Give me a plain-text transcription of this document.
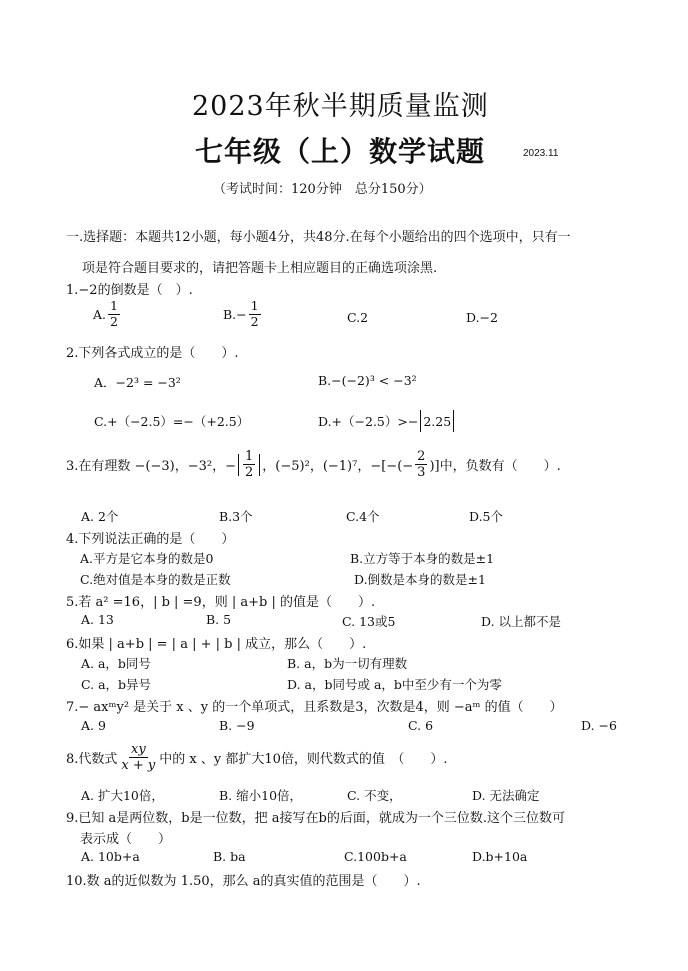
2023年秋半期质量监测
七年级（上）数学试题	2023.11
（考试时间：120分钟　总分150分）
一.选择题：本题共12小题，每小题4分，共48分.在每个小题给出的四个选项中，只有一
项是符合题目要求的，请把答题卡上相应题目的正确选项涂黑.
1.−2的倒数是（　）.
A. $\frac{1}{2}$	$B.- \frac{1}{2}$	C.2	D.−2
2.下列各式成立的是（　　）.
A．−2³ = −3²	B.−(−2)³ < −3²
C.+（−2.5）=−（+2.5）	D.+（−2.5）>− 2.25
3.在有理数 −(−3)，−3²，− $\frac{1}{2}$ ，(−5)²，(−1)⁷，−[−(− $\frac{2}{3}$ )]中，负数有（　　）.
A. 2个	B.3个	C.4个	D.5个
4.下列说法正确的是（　　）
A.平方是它本身的数是0	B.立方等于本身的数是±1
C.绝对值是本身的数是正数	D.倒数是本身的数是±1
5.若 a² =16，| b | =9，则 | a+b | 的值是（　　）.
A. 13	B. 5	C. 13或5	D. 以上都不是
6.如果 | a+b | = | a | + | b | 成立，那么（　　）.
A. a，b同号	B. a，b为一切有理数
C. a，b异号	D. a，b同号或 a，b中至少有一个为零
7.− axᵐy² 是关于 x 、y 的一个单项式，且系数是3，次数是4，则 −aᵐ 的值（　　）
A. 9	B. −9	C. 6	D. −6
8.代数式 $\frac{xy}{x + y}$ 中的 x 、y 都扩大10倍，则代数式的值　（　　）.
A. 扩大10倍，	B. 缩小10倍，	C. 不变，	D. 无法确定
9.已知 a是两位数，b是一位数，把 a接写在b的后面，就成为一个三位数.这个三位数可
表示成（　　）
A. 10b+a	B. ba	C.100b+a	D.b+10a
10.数 a的近似数为 1.50，那么 a的真实值的范围是（　　）.
